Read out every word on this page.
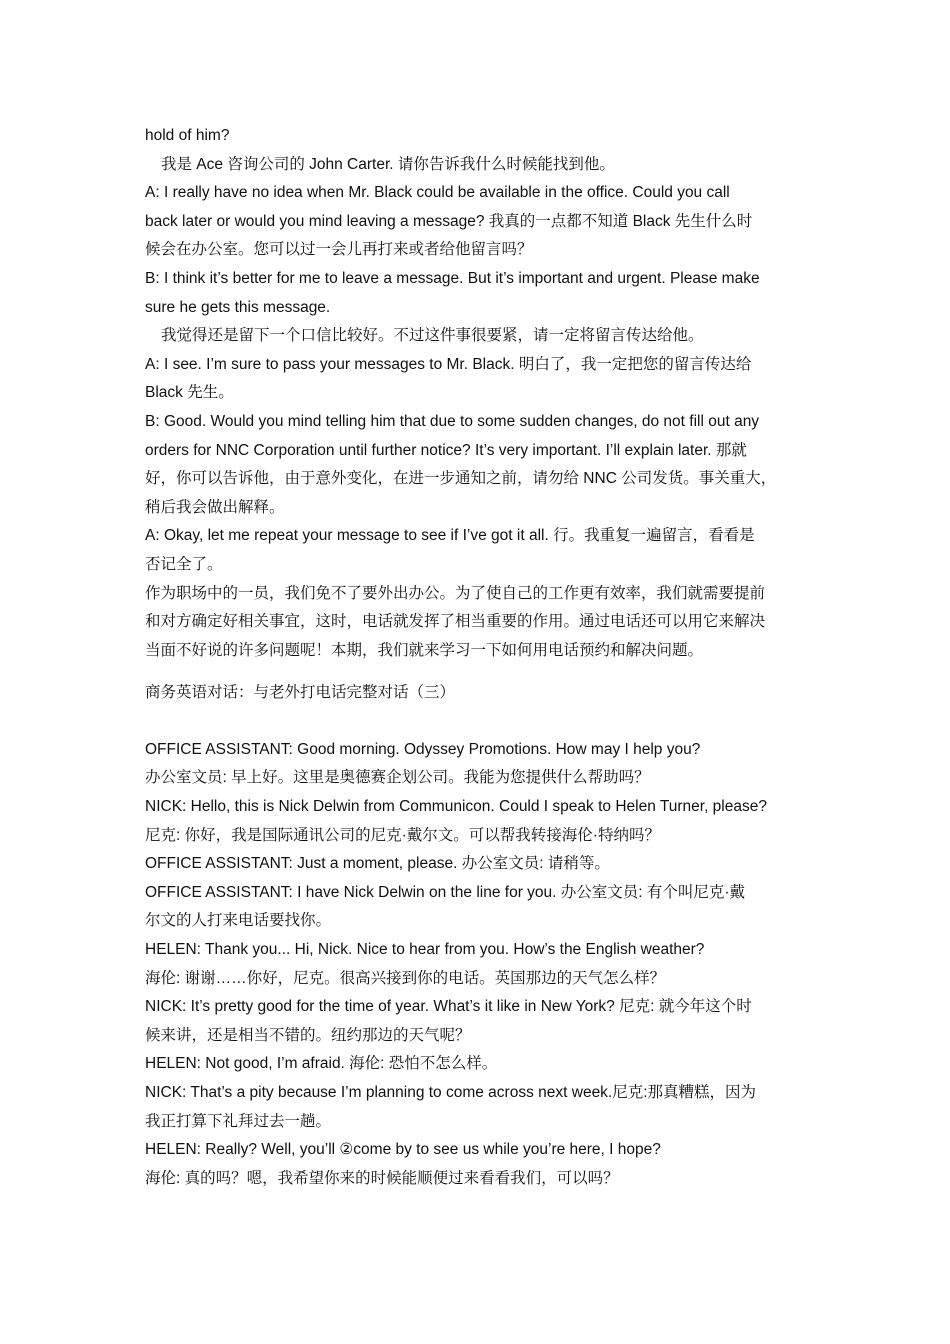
hold of him?
我是 Ace 咨询公司的 John Carter. 请你告诉我什么时候能找到他。
A: I really have no idea when Mr. Black could be available in the office. Could you call
back later or would you mind leaving a message? 我真的一点都不知道 Black 先生什么时
候会在办公室。您可以过一会儿再打来或者给他留言吗？
B: I think it’s better for me to leave a message. But it’s important and urgent. Please make
sure he gets this message.
我觉得还是留下一个口信比较好。不过这件事很要紧，请一定将留言传达给他。
A: I see. I’m sure to pass your messages to Mr. Black. 明白了，我一定把您的留言传达给
Black 先生。
B: Good. Would you mind telling him that due to some sudden changes, do not fill out any
orders for NNC Corporation until further notice? It’s very important. I’ll explain later. 那就
好，你可以告诉他，由于意外变化，在进一步通知之前，请勿给 NNC 公司发货。事关重大，
稍后我会做出解释。
A: Okay, let me repeat your message to see if I’ve got it all. 行。我重复一遍留言，看看是
否记全了。
作为职场中的一员，我们免不了要外出办公。为了使自己的工作更有效率，我们就需要提前
和对方确定好相关事宜，这时，电话就发挥了相当重要的作用。通过电话还可以用它来解决
当面不好说的许多问题呢！本期，我们就来学习一下如何用电话预约和解决问题。
商务英语对话：与老外打电话完整对话（三）
OFFICE ASSISTANT: Good morning. Odyssey Promotions. How may I help you?
办公室文员: 早上好。这里是奥德赛企划公司。我能为您提供什么帮助吗？
NICK: Hello, this is Nick Delwin from Communicon. Could I speak to Helen Turner, please?
尼克: 你好，我是国际通讯公司的尼克·戴尔文。可以帮我转接海伦·特纳吗？
OFFICE ASSISTANT: Just a moment, please. 办公室文员: 请稍等。
OFFICE ASSISTANT: I have Nick Delwin on the line for you. 办公室文员: 有个叫尼克·戴
尔文的人打来电话要找你。
HELEN: Thank you... Hi, Nick. Nice to hear from you. How’s the English weather?
海伦: 谢谢……你好，尼克。很高兴接到你的电话。英国那边的天气怎么样？
NICK: It’s pretty good for the time of year. What’s it like in New York? 尼克: 就今年这个时
候来讲，还是相当不错的。纽约那边的天气呢？
HELEN: Not good, I’m afraid. 海伦: 恐怕不怎么样。
NICK: That’s a pity because I’m planning to come across next week.尼克:那真糟糕，因为
我正打算下礼拜过去一趟。
HELEN: Really? Well, you’ll ②come by to see us while you’re here, I hope?
海伦: 真的吗？嗯，我希望你来的时候能顺便过来看看我们，可以吗？
